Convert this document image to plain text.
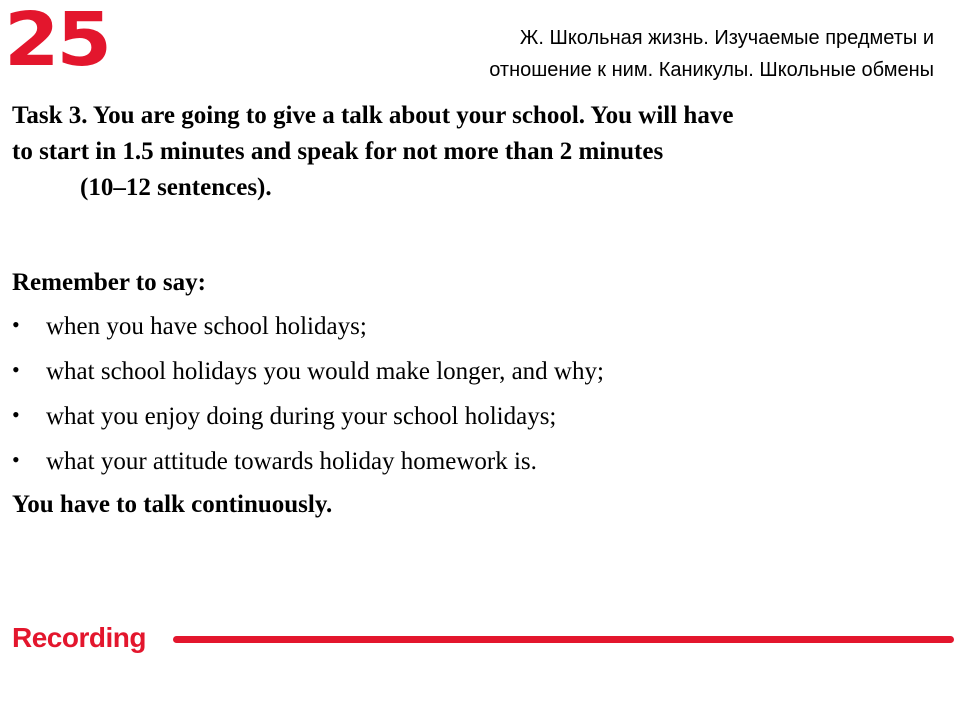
25	Ж. Школьная жизнь. Изучаемые предметы и
отношение к ним. Каникулы. Школьные обмены
Task 3. You are going to give a talk about your school. You will have
to start in 1.5 minutes and speak for not more than 2 minutes
(10–12 sentences).
Remember to say:
• when you have school holidays;
• what school holidays you would make longer, and why;
• what you enjoy doing during your school holidays;
• what your attitude towards holiday homework is.
You have to talk continuously.
Recording
